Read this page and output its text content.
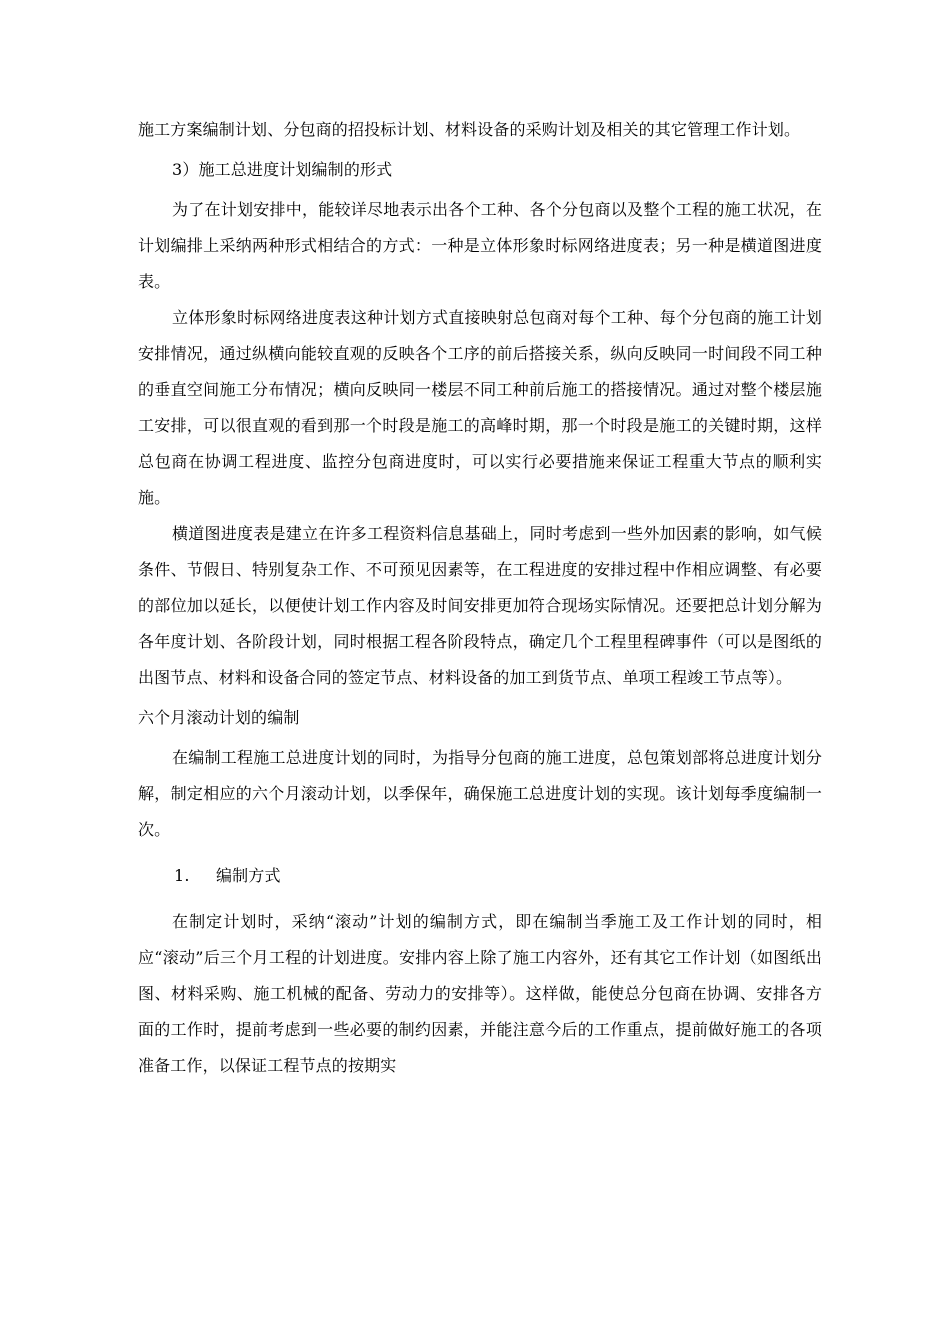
施工方案编制计划、分包商的招投标计划、材料设备的采购计划及相关的其它管理工作计划。

3）施工总进度计划编制的形式

为了在计划安排中，能较详尽地表示出各个工种、各个分包商以及整个工程的施工状况，在计划编排上采纳两种形式相结合的方式：一种是立体形象时标网络进度表；另一种是横道图进度表。

立体形象时标网络进度表这种计划方式直接映射总包商对每个工种、每个分包商的施工计划安排情况，通过纵横向能较直观的反映各个工序的前后搭接关系，纵向反映同一时间段不同工种的垂直空间施工分布情况；横向反映同一楼层不同工种前后施工的搭接情况。通过对整个楼层施工安排，可以很直观的看到那一个时段是施工的高峰时期，那一个时段是施工的关键时期，这样总包商在协调工程进度、监控分包商进度时，可以实行必要措施来保证工程重大节点的顺利实施。

横道图进度表是建立在许多工程资料信息基础上，同时考虑到一些外加因素的影响，如气候条件、节假日、特别复杂工作、不可预见因素等，在工程进度的安排过程中作相应调整、有必要的部位加以延长，以便使计划工作内容及时间安排更加符合现场实际情况。还要把总计划分解为各年度计划、各阶段计划，同时根据工程各阶段特点，确定几个工程里程碑事件（可以是图纸的出图节点、材料和设备合同的签定节点、材料设备的加工到货节点、单项工程竣工节点等）。

六个月滚动计划的编制

在编制工程施工总进度计划的同时，为指导分包商的施工进度，总包策划部将总进度计划分解，制定相应的六个月滚动计划，以季保年，确保施工总进度计划的实现。该计划每季度编制一次。

1.	编制方式

在制定计划时，采纳“滚动”计划的编制方式，即在编制当季施工及工作计划的同时，相应“滚动”后三个月工程的计划进度。安排内容上除了施工内容外，还有其它工作计划（如图纸出图、材料采购、施工机械的配备、劳动力的安排等）。这样做，能使总分包商在协调、安排各方面的工作时，提前考虑到一些必要的制约因素，并能注意今后的工作重点，提前做好施工的各项准备工作，以保证工程节点的按期实
